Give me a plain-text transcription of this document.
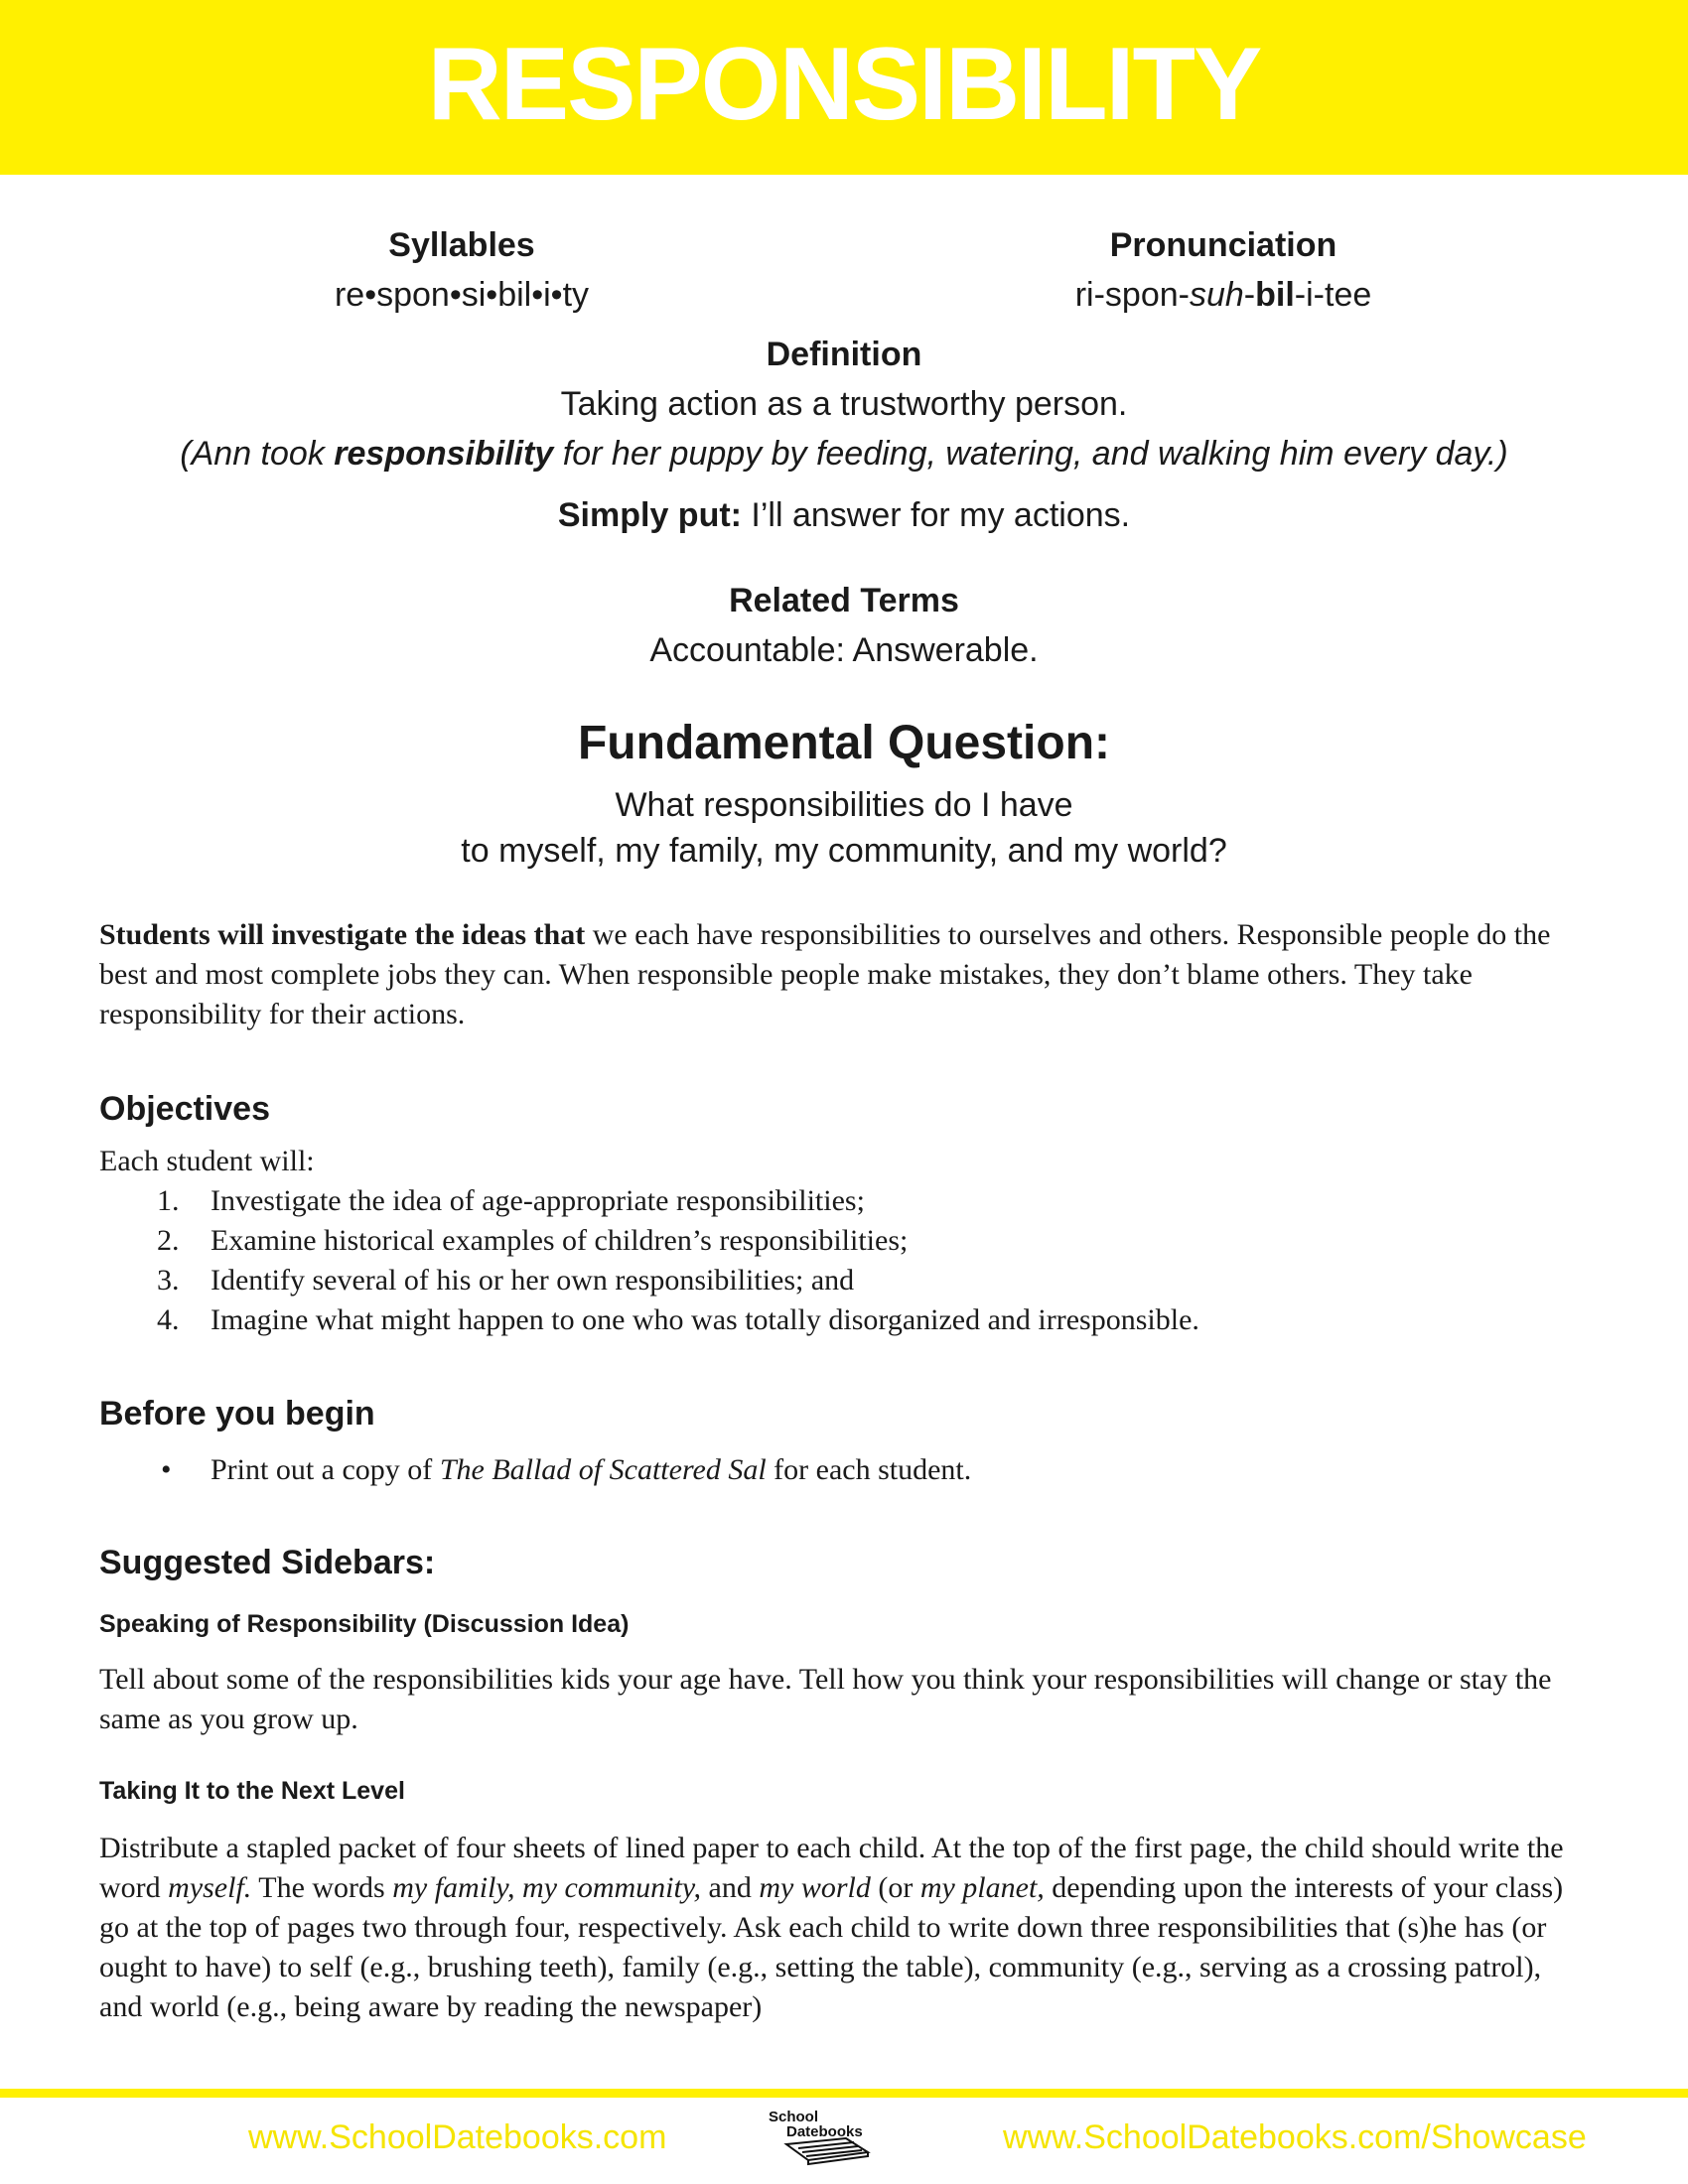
RESPONSIBILITY
Syllables
re•spon•si•bil•i•ty
Pronunciation
ri-spon-suh-bil-i-tee
Definition
Taking action as a trustworthy person.
(Ann took responsibility for her puppy by feeding, watering, and walking him every day.)
Simply put: I’ll answer for my actions.
Related Terms
Accountable: Answerable.
Fundamental Question:
What responsibilities do I have
to myself, my family, my community, and my world?

Students will investigate the ideas that we each have responsibilities to ourselves and others. Responsible people do the best and most complete jobs they can. When responsible people make mistakes, they don’t blame others. They take responsibility for their actions.

Objectives
Each student will:
1. Investigate the idea of age-appropriate responsibilities;
2. Examine historical examples of children’s responsibilities;
3. Identify several of his or her own responsibilities; and
4. Imagine what might happen to one who was totally disorganized and irresponsible.
Before you begin
• Print out a copy of The Ballad of Scattered Sal for each student.
Suggested Sidebars:
Speaking of Responsibility (Discussion Idea)

Tell about some of the responsibilities kids your age have. Tell how you think your responsibilities will change or stay the same as you grow up.

Taking It to the Next Level

Distribute a stapled packet of four sheets of lined paper to each child. At the top of the first page, the child should write the word myself. The words my family, my community, and my world (or my planet, depending upon the interests of your class) go at the top of pages two through four, respectively. Ask each child to write down three responsibilities that (s)he has (or ought to have) to self (e.g., brushing teeth), family (e.g., setting the table), community (e.g., serving as a crossing patrol), and world (e.g., being aware by reading the newspaper)

www.SchoolDatebooks.com
School
Datebooks	www.SchoolDatebooks.com/Showcase
